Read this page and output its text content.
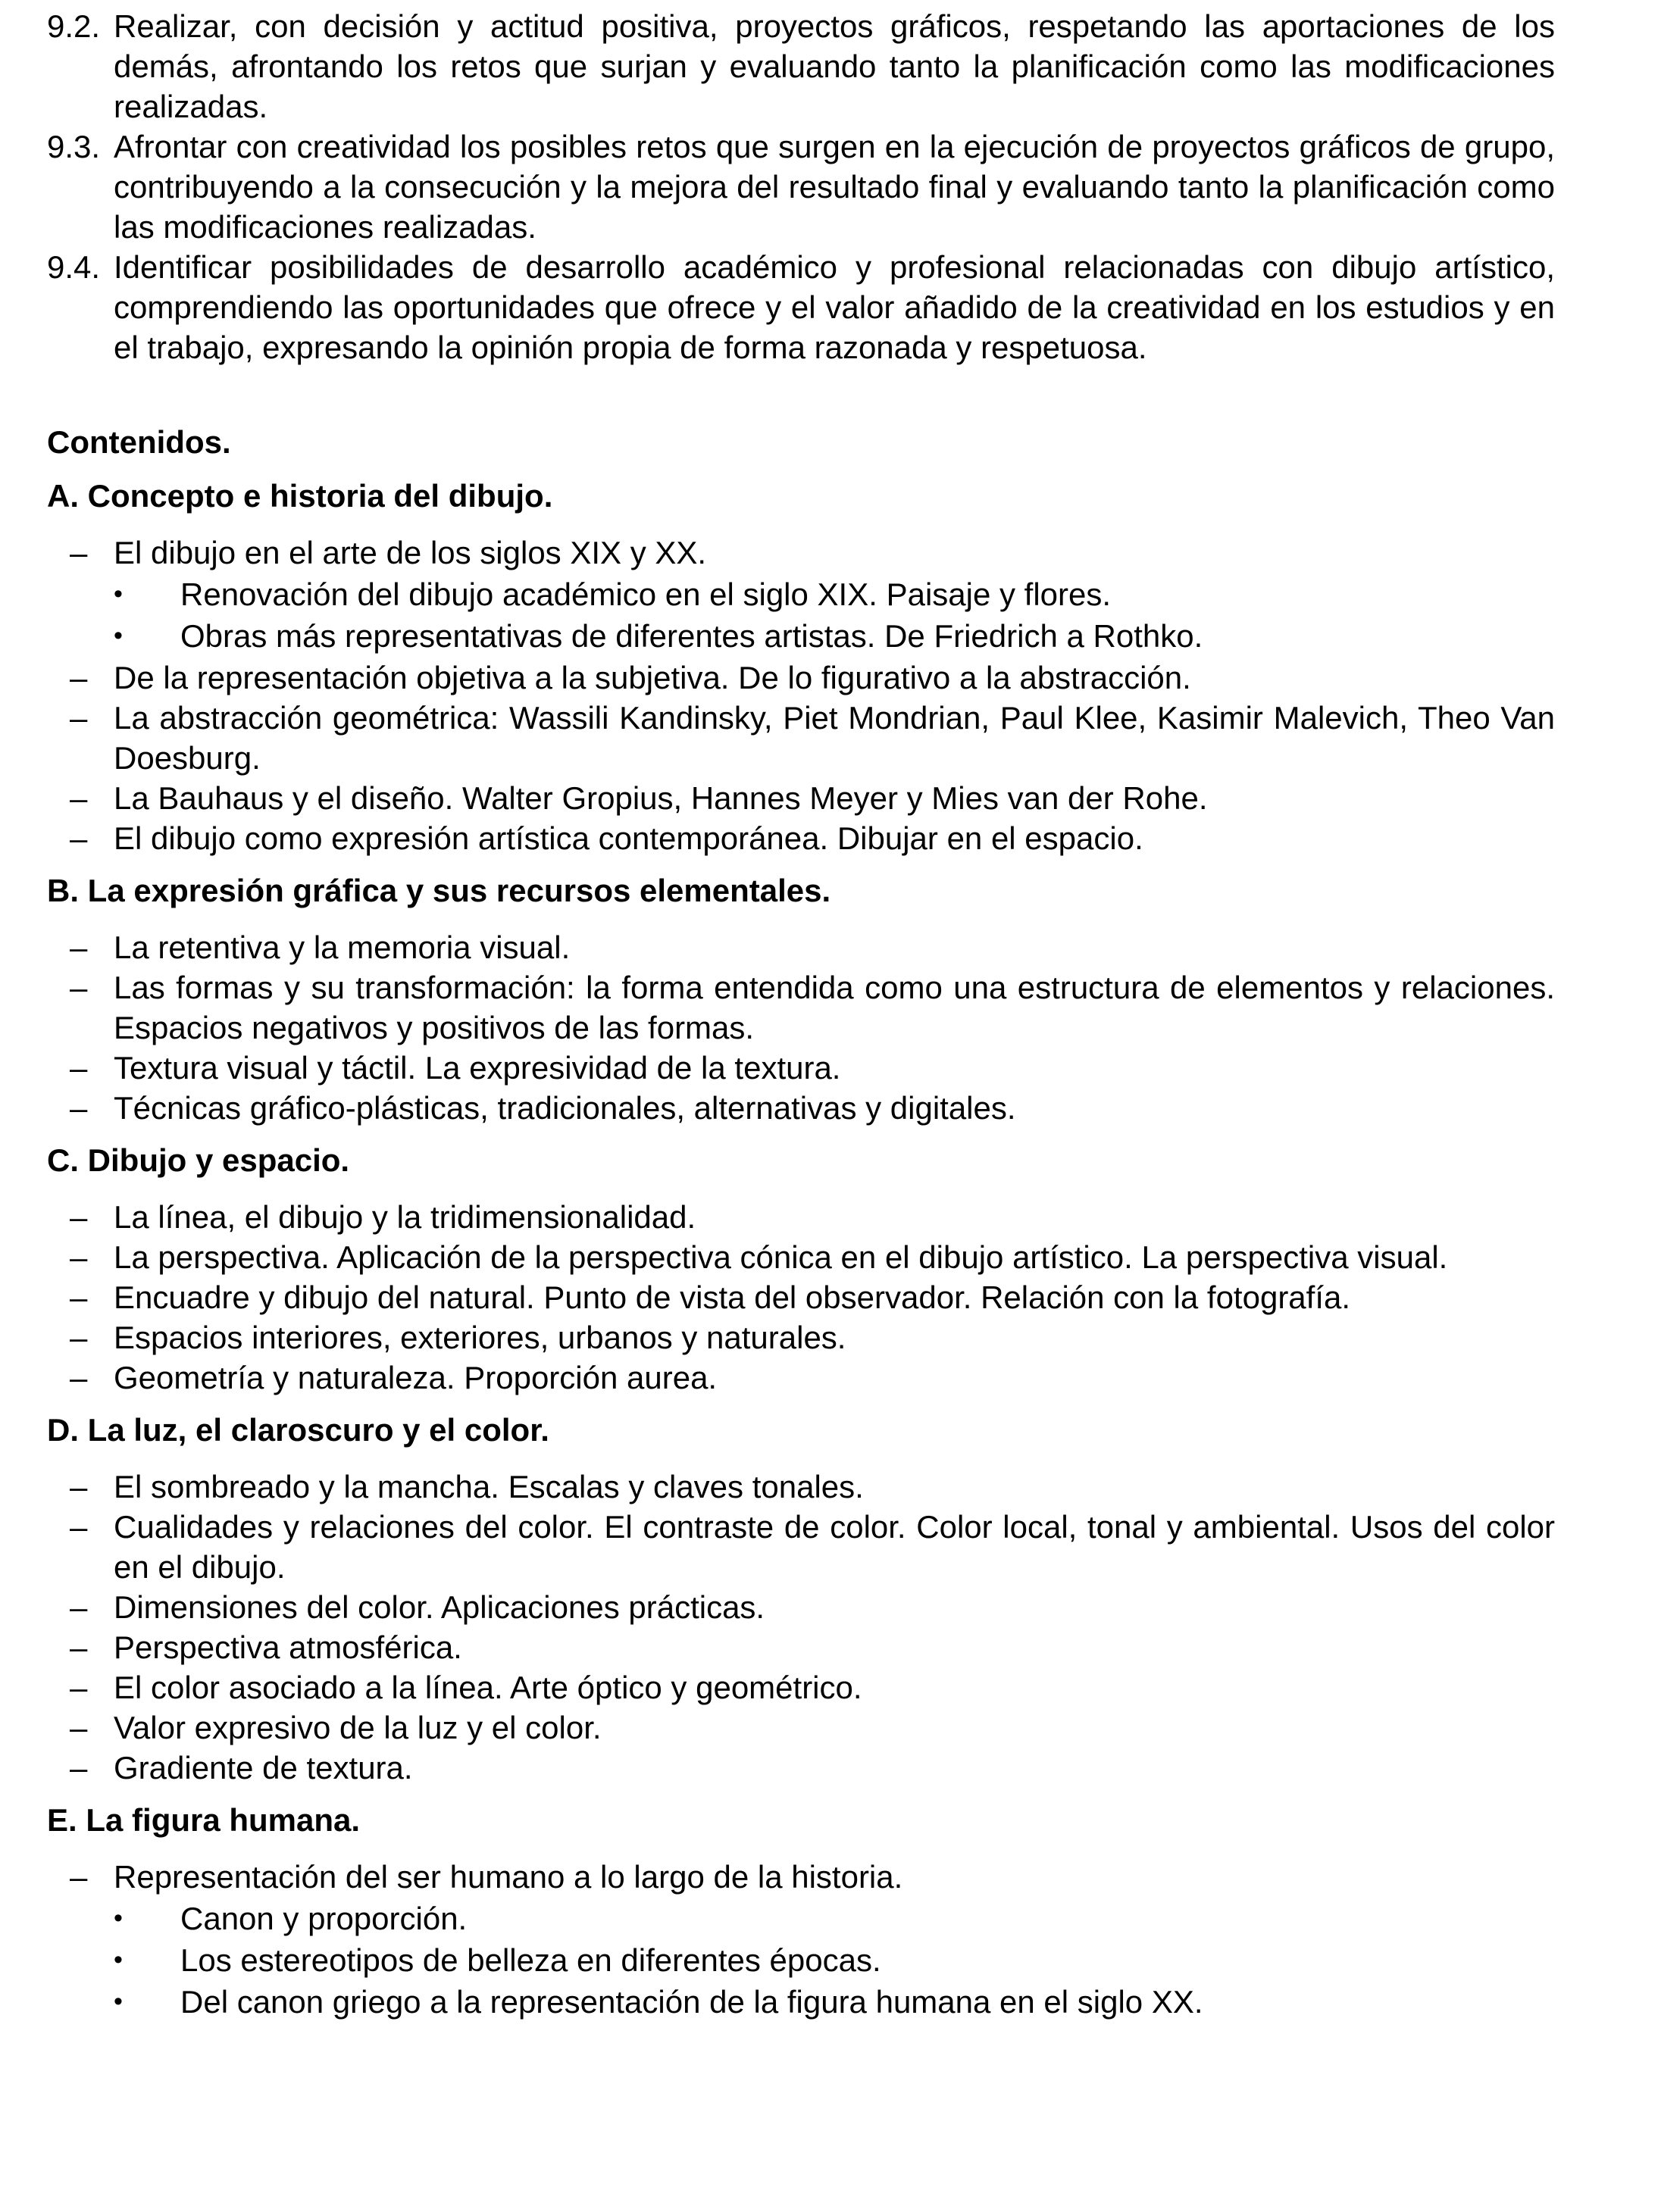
9.2. Realizar, con decisión y actitud positiva, proyectos gráficos, respetando las aportaciones de los demás, afrontando los retos que surjan y evaluando tanto la planificación como las modificaciones realizadas.
9.3. Afrontar con creatividad los posibles retos que surgen en la ejecución de proyectos gráficos de grupo, contribuyendo a la consecución y la mejora del resultado final y evaluando tanto la planificación como las modificaciones realizadas.
9.4. Identificar posibilidades de desarrollo académico y profesional relacionadas con dibujo artístico, comprendiendo las oportunidades que ofrece y el valor añadido de la creatividad en los estudios y en el trabajo, expresando la opinión propia de forma razonada y respetuosa.
Contenidos.
A. Concepto e historia del dibujo.
– El dibujo en el arte de los siglos XIX y XX.
• Renovación del dibujo académico en el siglo XIX. Paisaje y flores.
• Obras más representativas de diferentes artistas. De Friedrich a Rothko.
– De la representación objetiva a la subjetiva. De lo figurativo a la abstracción.
– La abstracción geométrica: Wassili Kandinsky, Piet Mondrian, Paul Klee, Kasimir Malevich, Theo Van Doesburg.
– La Bauhaus y el diseño. Walter Gropius, Hannes Meyer y Mies van der Rohe.
– El dibujo como expresión artística contemporánea. Dibujar en el espacio.
B. La expresión gráfica y sus recursos elementales.
– La retentiva y la memoria visual.
– Las formas y su transformación: la forma entendida como una estructura de elementos y relaciones. Espacios negativos y positivos de las formas.
– Textura visual y táctil. La expresividad de la textura.
– Técnicas gráfico-plásticas, tradicionales, alternativas y digitales.
C. Dibujo y espacio.
– La línea, el dibujo y la tridimensionalidad.
– La perspectiva. Aplicación de la perspectiva cónica en el dibujo artístico. La perspectiva visual.
– Encuadre y dibujo del natural. Punto de vista del observador. Relación con la fotografía.
– Espacios interiores, exteriores, urbanos y naturales.
– Geometría y naturaleza. Proporción aurea.
D. La luz, el claroscuro y el color.
– El sombreado y la mancha. Escalas y claves tonales.
– Cualidades y relaciones del color. El contraste de color. Color local, tonal y ambiental. Usos del color en el dibujo.
– Dimensiones del color. Aplicaciones prácticas.
– Perspectiva atmosférica.
– El color asociado a la línea. Arte óptico y geométrico.
– Valor expresivo de la luz y el color.
– Gradiente de textura.
E. La figura humana.
– Representación del ser humano a lo largo de la historia.
• Canon y proporción.
• Los estereotipos de belleza en diferentes épocas.
• Del canon griego a la representación de la figura humana en el siglo XX.
